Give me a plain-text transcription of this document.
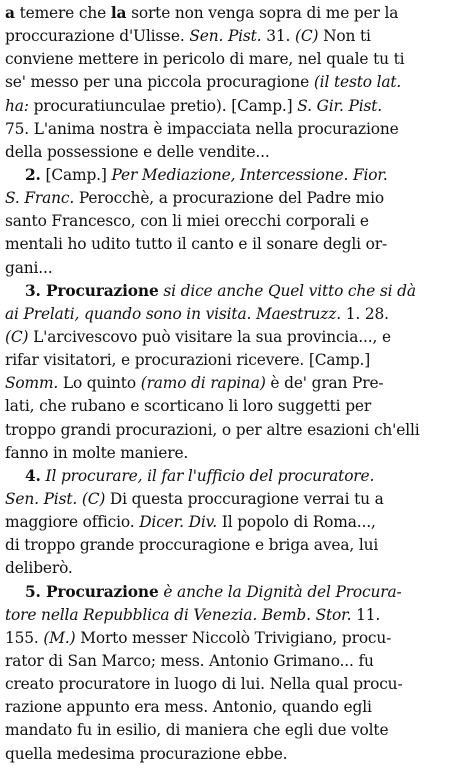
a temere che la sorte non venga sopra di me per la
proccurazione d'Ulisse. Sen. Pist. 31. (C) Non ti
conviene mettere in pericolo di mare, nel quale tu ti
se' messo per una piccola procuragione (il testo lat.
ha: procuratiunculae pretio). [Camp.] S. Gir. Pist.
75. L'anima nostra è impacciata nella procurazione
della possessione e delle vendite...
2. [Camp.] Per Mediazione, Intercessione. Fior.
S. Franc. Perocchè, a procurazione del Padre mio
santo Francesco, con li miei orecchi corporali e
mentali ho udito tutto il canto e il sonare degli or-
gani...
3. Procurazione si dice anche Quel vitto che si dà
ai Prelati, quando sono in visita. Maestruzz. 1. 28.
(C) L'arcivescovo può visitare la sua provincia..., e
rifar visitatori, e procurazioni ricevere. [Camp.]
Somm. Lo quinto (ramo di rapina) è de' gran Pre-
lati, che rubano e scorticano li loro suggetti per
troppo grandi procurazioni, o per altre esazioni ch'elli
fanno in molte maniere.
4. Il procurare, il far l'ufficio del procuratore.
Sen. Pist. (C) Di questa proccuragione verrai tu a
maggiore officio. Dicer. Div. Il popolo di Roma...,
di troppo grande proccuragione e briga avea, lui
deliberò.
5. Procurazione è anche la Dignità del Procura-
tore nella Repubblica di Venezia. Bemb. Stor. 11.
155. (M.) Morto messer Niccolò Trivigiano, procu-
rator di San Marco; mess. Antonio Grimano... fu
creato procuratore in luogo di lui. Nella qual procu-
razione appunto era mess. Antonio, quando egli
mandato fu in esilio, di maniera che egli due volte
quella medesima procurazione ebbe.
